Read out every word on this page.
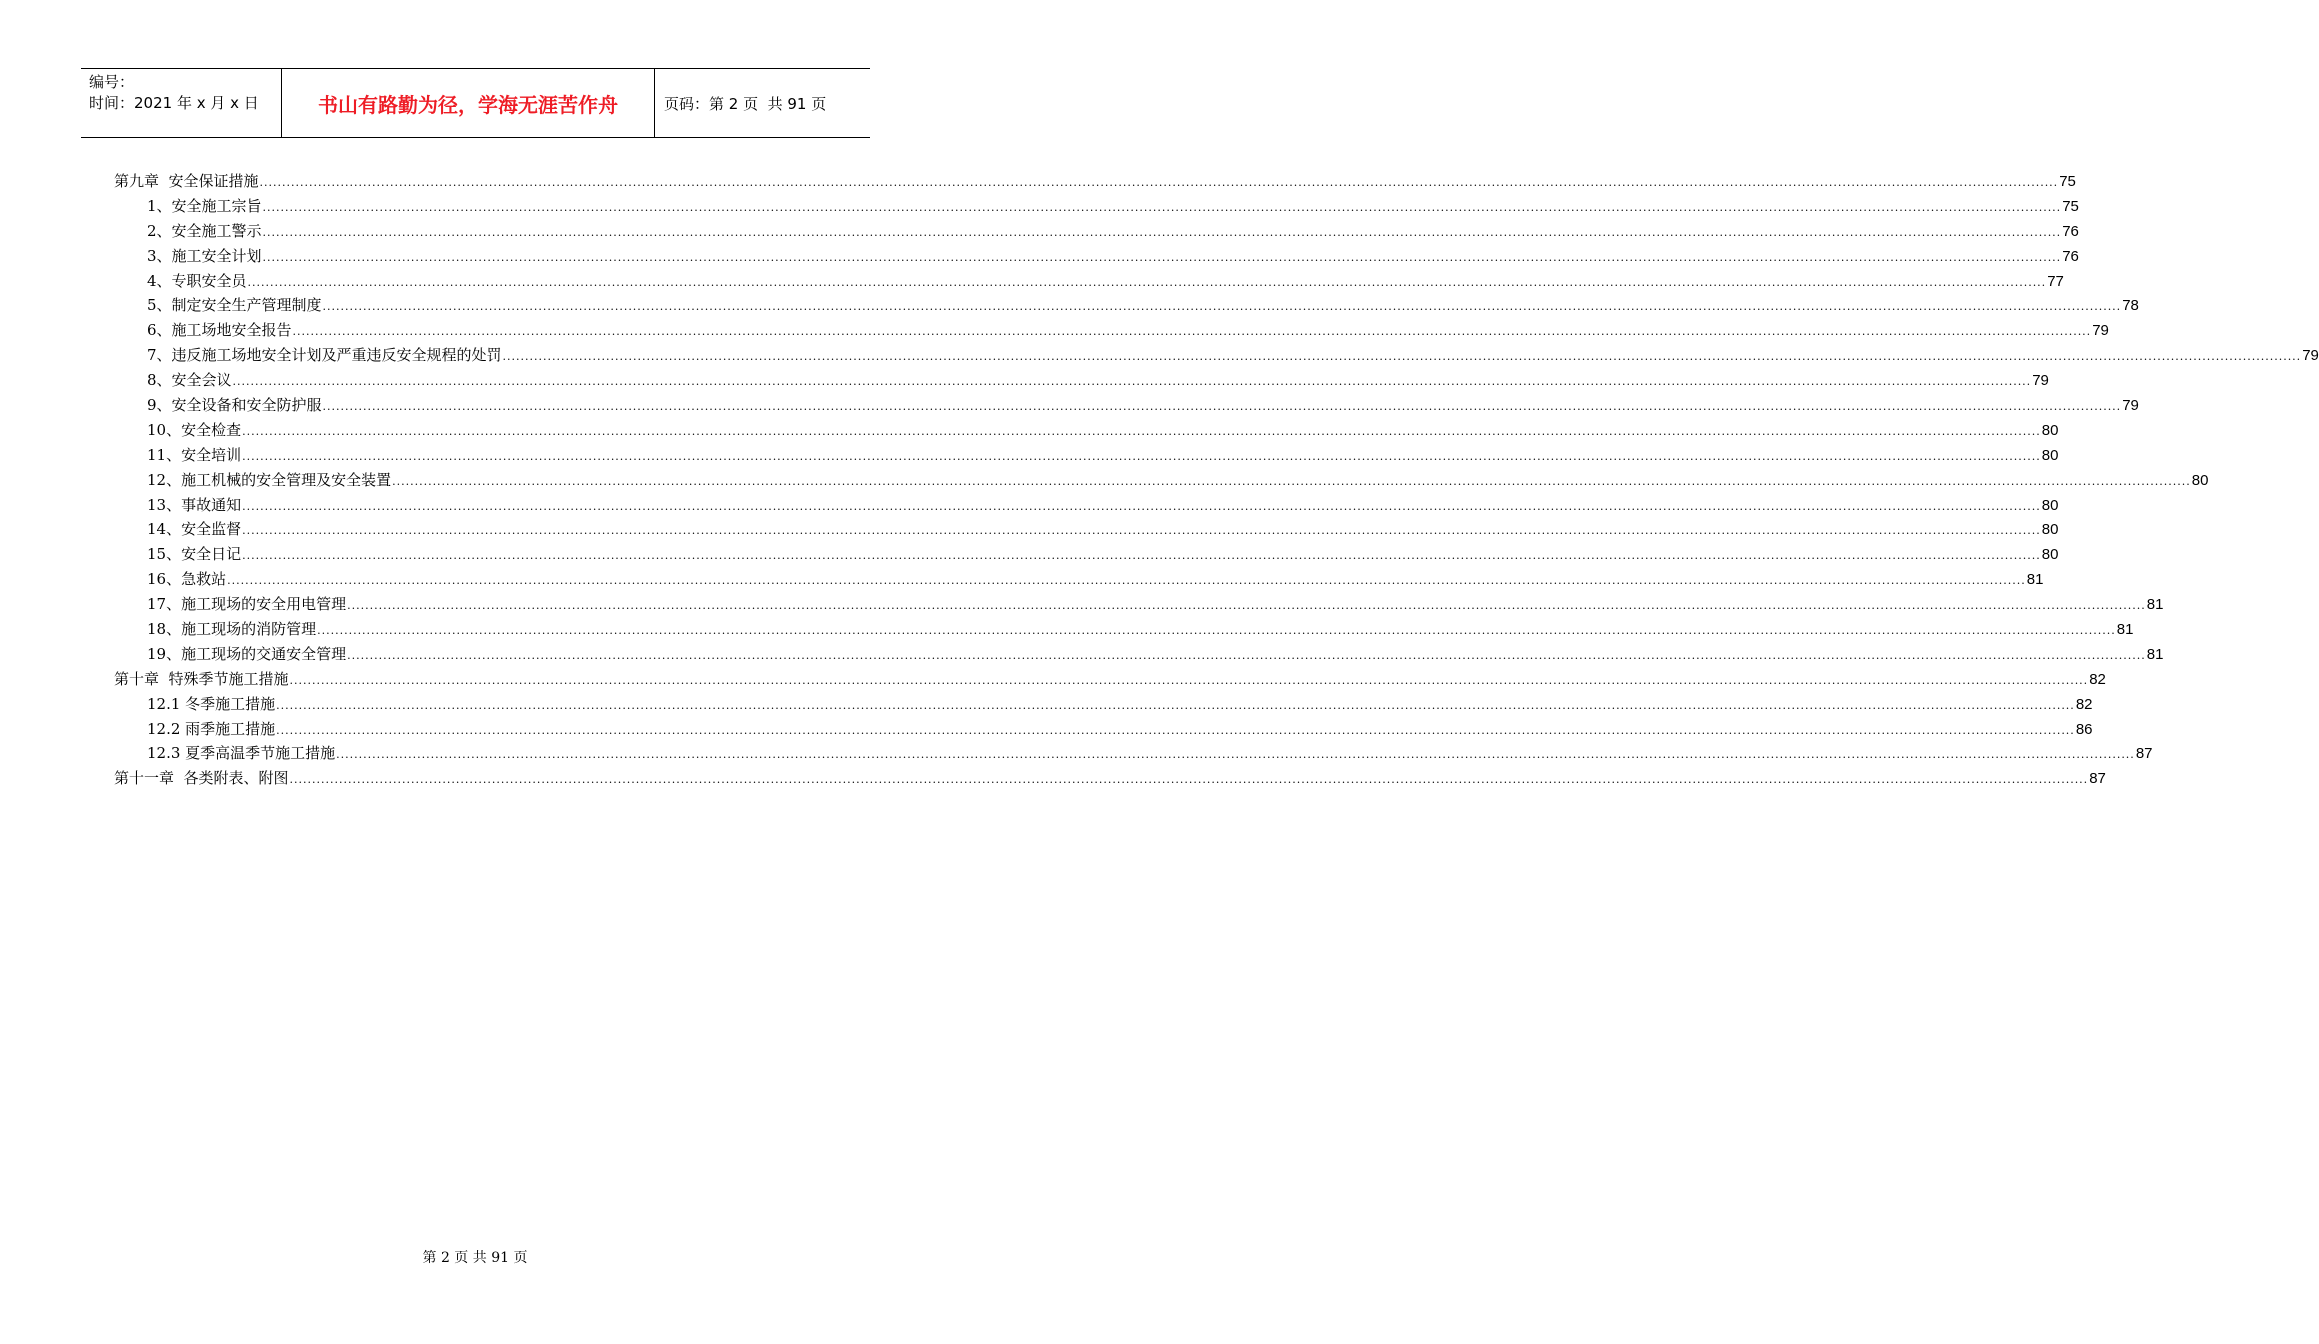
编号：
时间：2021 年 x 月 x 日	书山有路勤为径，学海无涯苦作舟	页码：第 2 页  共 91 页
第九章  安全保证措施 ................................................................................................................................................................................................................................................................................................................................................................................................................ 75
1、安全施工宗旨 ................................................................................................................................................................................................................................................................................................................................................................................................................ 75
2、安全施工警示 ................................................................................................................................................................................................................................................................................................................................................................................................................ 76
3、施工安全计划 ................................................................................................................................................................................................................................................................................................................................................................................................................ 76
4、专职安全员 ................................................................................................................................................................................................................................................................................................................................................................................................................ 77
5、制定安全生产管理制度 ................................................................................................................................................................................................................................................................................................................................................................................................................ 78
6、施工场地安全报告 ................................................................................................................................................................................................................................................................................................................................................................................................................ 79
7、违反施工场地安全计划及严重违反安全规程的处罚 ................................................................................................................................................................................................................................................................................................................................................................................................................ 79
8、安全会议 ................................................................................................................................................................................................................................................................................................................................................................................................................ 79
9、安全设备和安全防护服 ................................................................................................................................................................................................................................................................................................................................................................................................................ 79
10、安全检查 ................................................................................................................................................................................................................................................................................................................................................................................................................ 80
11、安全培训 ................................................................................................................................................................................................................................................................................................................................................................................................................ 80
12、施工机械的安全管理及安全装置 ................................................................................................................................................................................................................................................................................................................................................................................................................ 80
13、事故通知 ................................................................................................................................................................................................................................................................................................................................................................................................................ 80
14、安全监督 ................................................................................................................................................................................................................................................................................................................................................................................................................ 80
15、安全日记 ................................................................................................................................................................................................................................................................................................................................................................................................................ 80
16、急救站 ................................................................................................................................................................................................................................................................................................................................................................................................................ 81
17、施工现场的安全用电管理 ................................................................................................................................................................................................................................................................................................................................................................................................................ 81
18、施工现场的消防管理 ................................................................................................................................................................................................................................................................................................................................................................................................................ 81
19、施工现场的交通安全管理 ................................................................................................................................................................................................................................................................................................................................................................................................................ 81
第十章  特殊季节施工措施 ................................................................................................................................................................................................................................................................................................................................................................................................................ 82
12.1 冬季施工措施 ................................................................................................................................................................................................................................................................................................................................................................................................................ 82
12.2 雨季施工措施 ................................................................................................................................................................................................................................................................................................................................................................................................................ 86
12.3 夏季高温季节施工措施 ................................................................................................................................................................................................................................................................................................................................................................................................................ 87
第十一章  各类附表、附图 ................................................................................................................................................................................................................................................................................................................................................................................................................ 87
第 2 页 共 91 页
